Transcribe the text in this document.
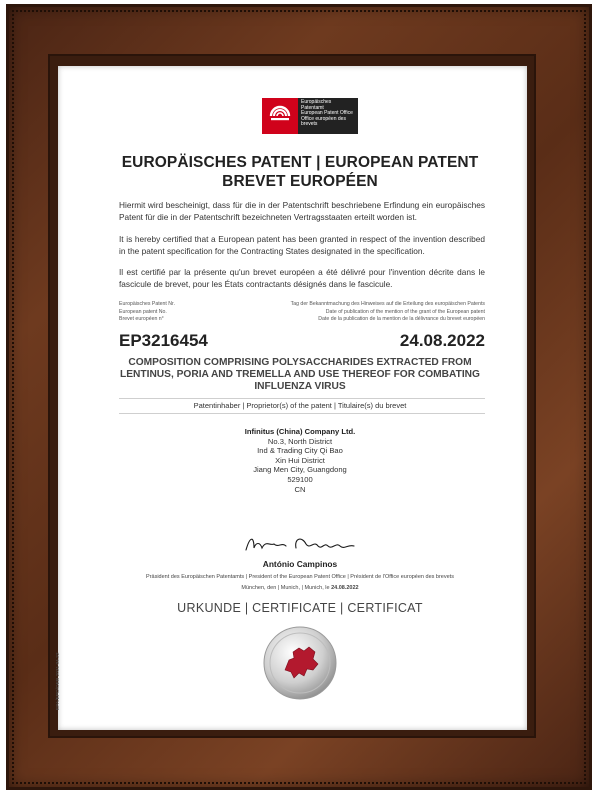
Europäisches Patentamt
European Patent Office
Office européen des brevets
EUROPÄISCHES PATENT | EUROPEAN PATENT
BREVET EUROPÉEN
Hiermit wird bescheinigt, dass für die in der Patentschrift beschriebene Erfindung ein europäisches Patent für die in der Patentschrift bezeichneten Vertragsstaaten erteilt worden ist.
It is hereby certified that a European patent has been granted in respect of the invention described in the patent specification for the Contracting States designated in the specification.
Il est certifié par la présente qu'un brevet européen a été délivré pour l'invention décrite dans le fascicule de brevet, pour les États contractants désignés dans le fascicule.
Europäisches Patent Nr.
European patent No.
Brevet européen n°
Tag der Bekanntmachung des Hinweises auf die Erteilung des europäischen Patents
Date of publication of the mention of the grant of the European patent
Date de la publication de la mention de la délivrance du brevet européen
EP3216454	24.08.2022
COMPOSITION COMPRISING POLYSACCHARIDES EXTRACTED FROM LENTINUS, PORIA AND TREMELLA AND USE THEREOF FOR COMBATING INFLUENZA VIRUS
Patentinhaber | Proprietor(s) of the patent | Titulaire(s) du brevet
Infinitus (China) Company Ltd.
No.3, North District
Ind & Trading City Qi Bao
Xin Hui District
Jiang Men City, Guangdong
529100
CN
António Campinos
Präsident des Europäischen Patentamts | President of the European Patent Office | Président de l'Office européen des brevets
München, den | Munich, | Munich, le 24.08.2022
URKUNDE | CERTIFICATE | CERTIFICAT
EPA/EPO/OEB 2031 04.22
